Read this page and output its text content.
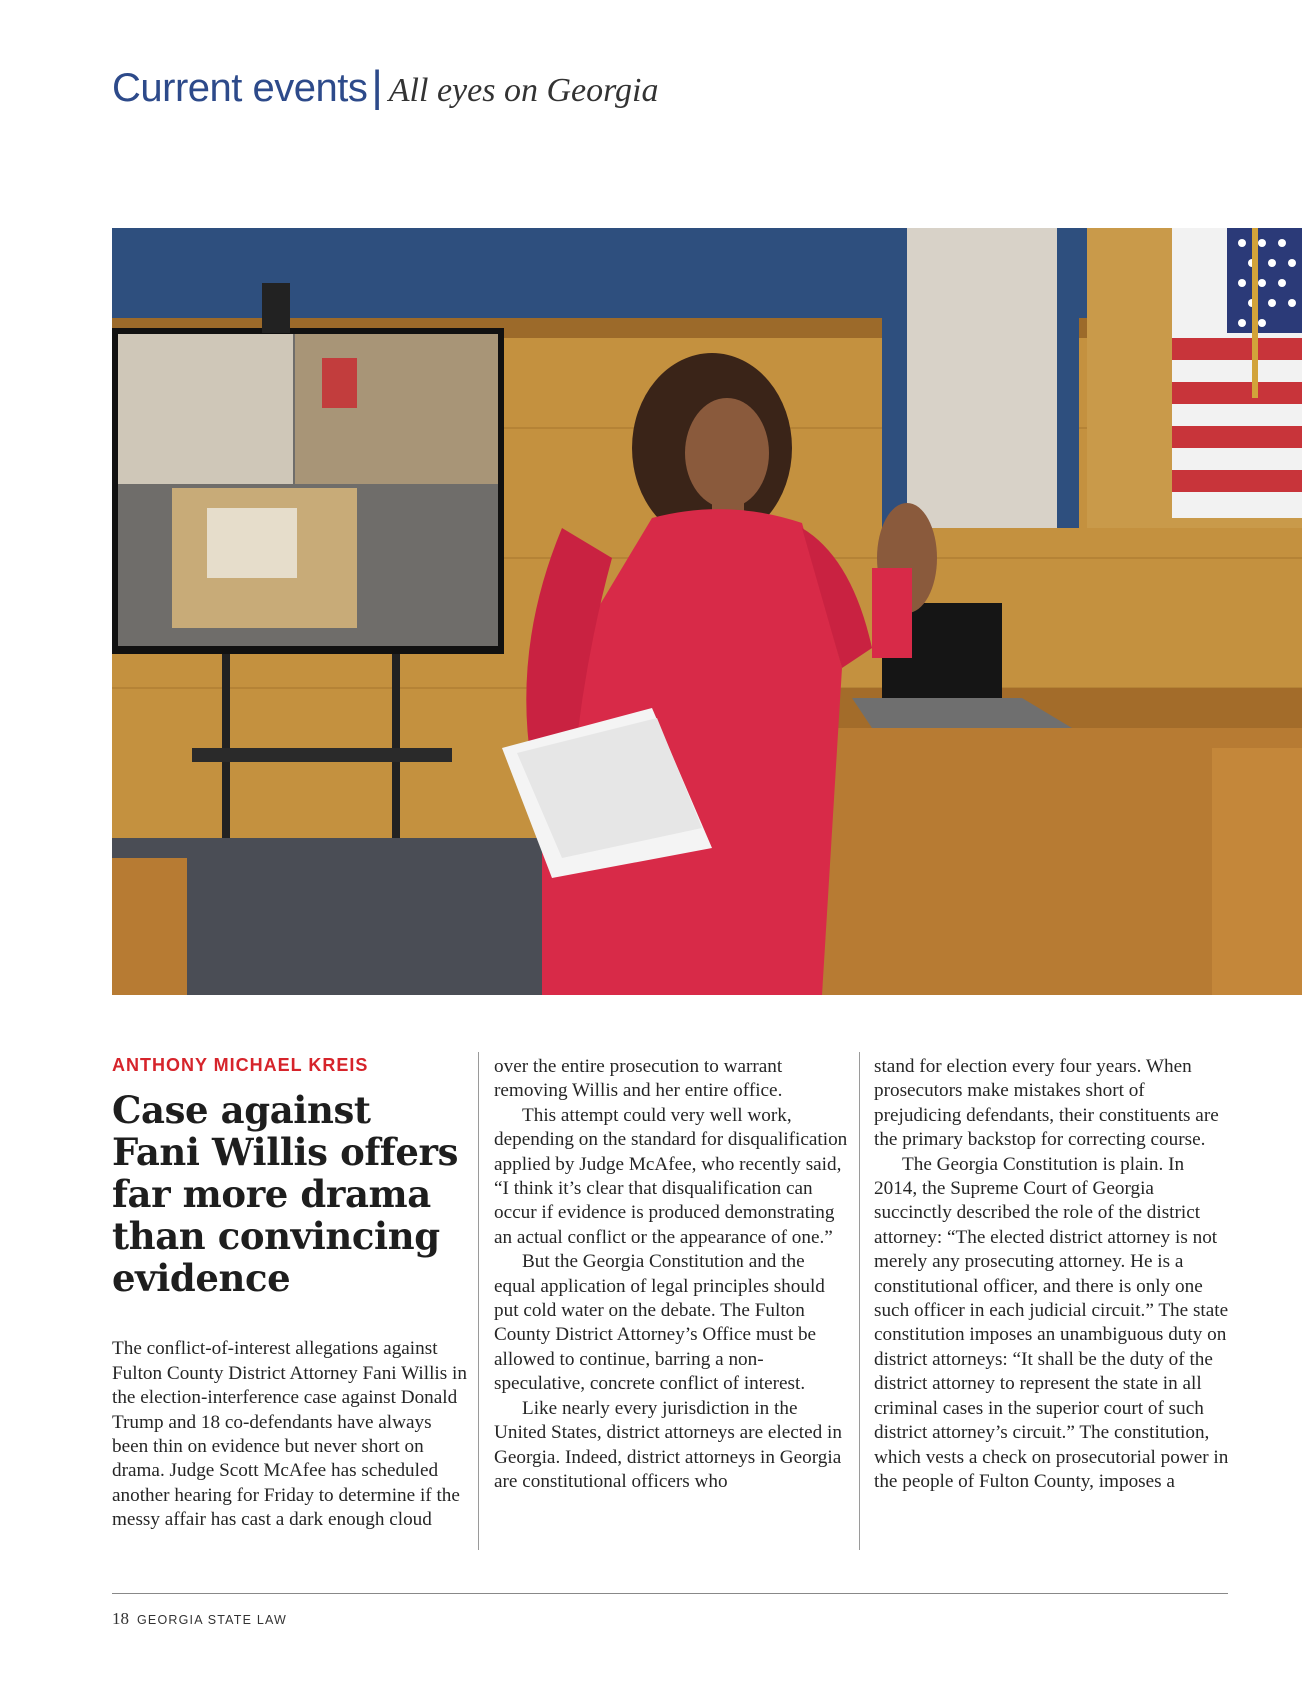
Current events| All eyes on Georgia
ANTHONY MICHAEL KREIS
Case against Fani Willis offers far more drama than convincing evidence

The conflict-of-interest allegations against Fulton County District Attorney Fani Willis in the election-interference case against Donald Trump and 18 co-defendants have always been thin on evidence but never short on drama. Judge Scott McAfee has scheduled another hearing for Friday to determine if the messy affair has cast a dark enough cloud

over the entire prosecution to warrant removing Willis and her entire office.

This attempt could very well work, depending on the standard for disqualification applied by Judge McAfee, who recently said, “I think it’s clear that disqualification can occur if evidence is produced demonstrating an actual conflict or the appearance of one.”

But the Georgia Constitution and the equal application of legal principles should put cold water on the debate. The Fulton County District Attorney’s Office must be allowed to continue, barring a non-speculative, concrete conflict of interest.

Like nearly every jurisdiction in the United States, district attorneys are elected in Georgia. Indeed, district attorneys in Georgia are constitutional officers who

stand for election every four years. When prosecutors make mistakes short of prejudicing defendants, their constituents are the primary backstop for correcting course.

The Georgia Constitution is plain. In 2014, the Supreme Court of Georgia succinctly described the role of the district attorney: “The elected district attorney is not merely any prosecuting attorney. He is a constitutional officer, and there is only one such officer in each judicial circuit.” The state constitution imposes an unambiguous duty on district attorneys: “It shall be the duty of the district attorney to represent the state in all criminal cases in the superior court of such district attorney’s circuit.” The constitution, which vests a check on prosecutorial power in the people of Fulton County, imposes a

18 GEORGIA STATE LAW
